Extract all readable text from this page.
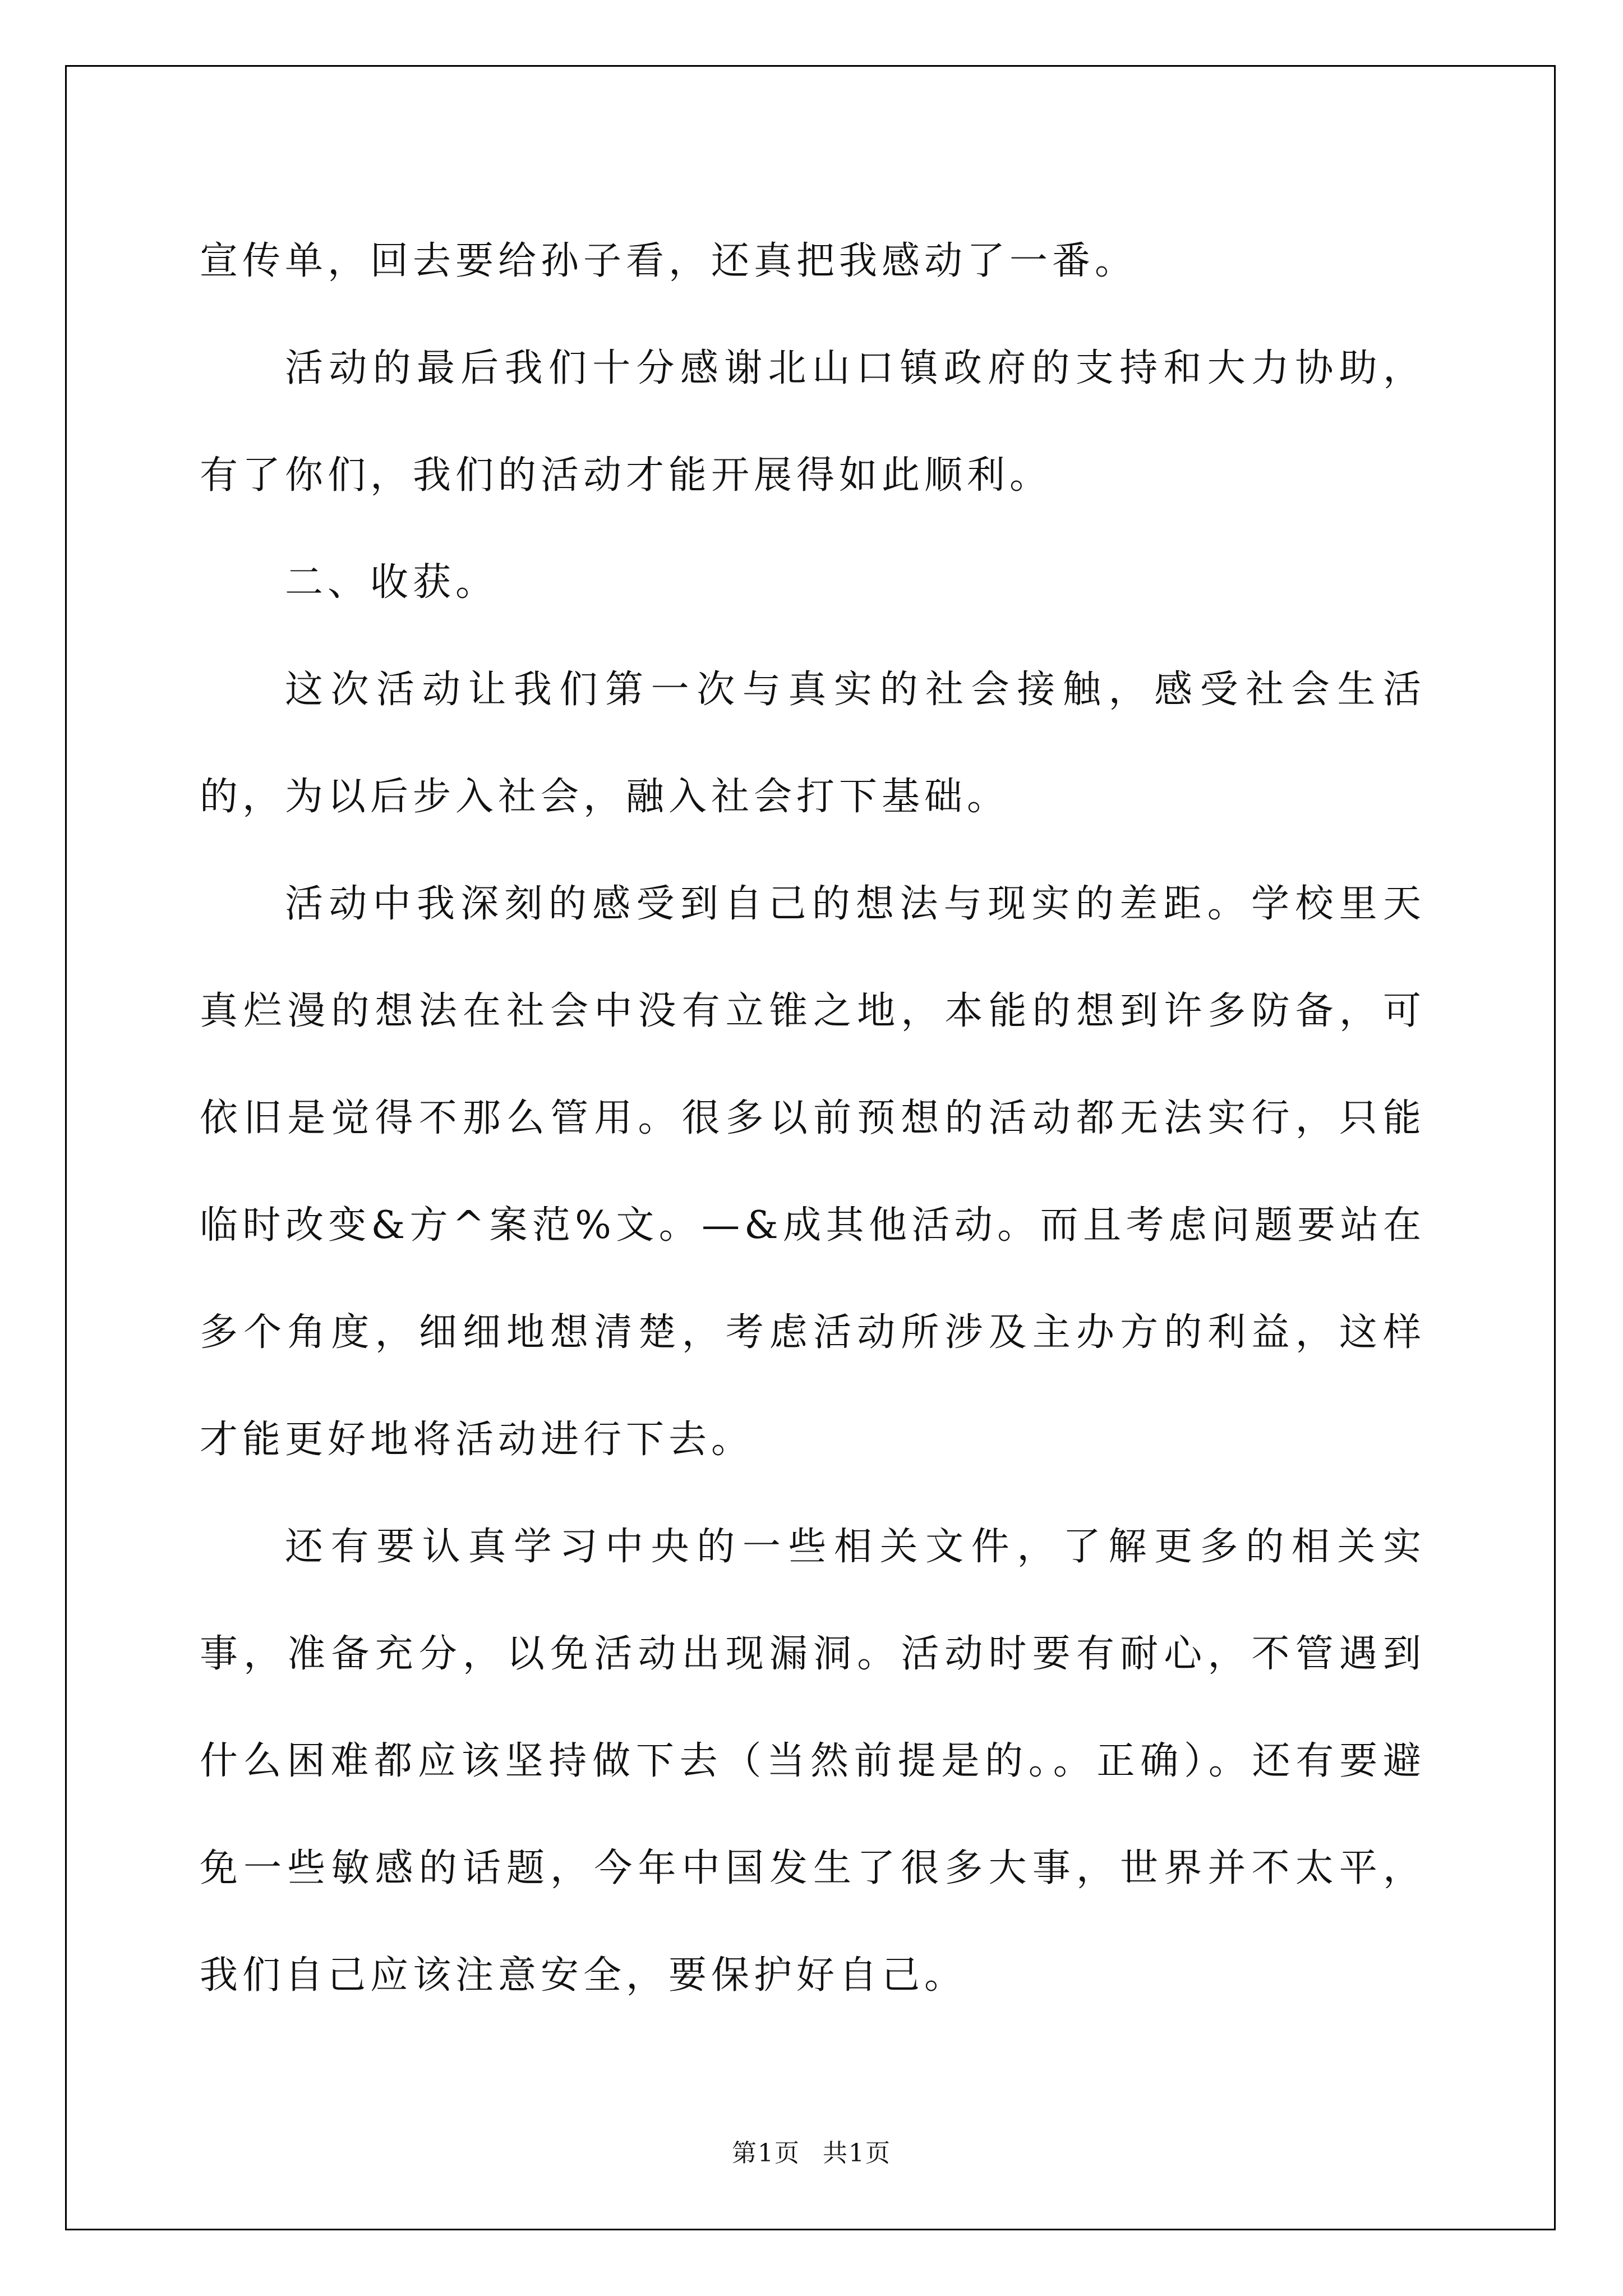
宣传单，回去要给孙子看，还真把我感动了一番。

活动的最后我们十分感谢北山口镇政府的支持和大力协助，有了你们，我们的活动才能开展得如此顺利。

二、收获。

这次活动让我们第一次与真实的社会接触，感受社会生活的，为以后步入社会，融入社会打下基础。

活动中我深刻的感受到自己的想法与现实的差距。学校里天真烂漫的想法在社会中没有立锥之地，本能的想到许多防备，可依旧是觉得不那么管用。很多以前预想的活动都无法实行，只能临时改变&方^案范%文。—&成其他活动。而且考虑问题要站在多个角度，细细地想清楚，考虑活动所涉及主办方的利益，这样才能更好地将活动进行下去。

还有要认真学习中央的一些相关文件，了解更多的相关实事，准备充分，以免活动出现漏洞。活动时要有耐心，不管遇到什么困难都应该坚持做下去（当然前提是的。。正确）。还有要避免一些敏感的话题，今年中国发生了很多大事，世界并不太平，我们自己应该注意安全，要保护好自己。

第1页 共1页
